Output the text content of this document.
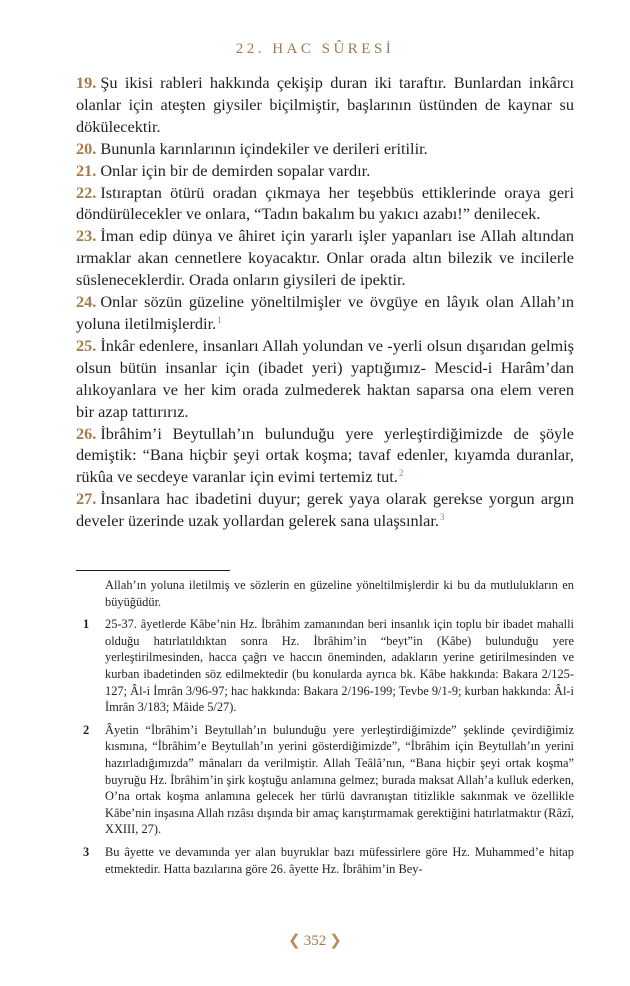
22. HAC SÛRESİ

19. Şu ikisi rableri hakkında çekişip duran iki taraftır. Bunlardan inkârcı olanlar için ateşten giysiler biçilmiştir, başlarının üstünden de kaynar su dökülecektir.

20. Bununla karınlarının içindekiler ve derileri eritilir.

21. Onlar için bir de demirden sopalar vardır.

22. Istıraptan ötürü oradan çıkmaya her teşebbüs ettiklerinde oraya geri döndürülecekler ve onlara, “Tadın bakalım bu yakıcı azabı!” denilecek.

23. İman edip dünya ve âhiret için yararlı işler yapanları ise Allah altından ırmaklar akan cennetlere koyacaktır. Onlar orada altın bilezik ve incilerle süsleneceklerdir. Orada onların giysileri de ipektir.

24. Onlar sözün güzeline yöneltilmişler ve övgüye en lâyık olan Allah’ın yoluna iletilmişlerdir.$^1$

25. İnkâr edenlere, insanları Allah yolundan ve -yerli olsun dışarıdan gelmiş olsun bütün insanlar için (ibadet yeri) yaptığımız- Mescid-i Harâm’dan alıkoyanlara ve her kim orada zulmederek haktan saparsa ona elem veren bir azap tattırırız.

26. İbrâhim’i Beytullah’ın bulunduğu yere yerleştirdiğimizde de şöyle demiştik: “Bana hiçbir şeyi ortak koşma; tavaf edenler, kıyamda duranlar, rükûa ve secdeye varanlar için evimi tertemiz tut.$^2$

27. İnsanlara hac ibadetini duyur; gerek yaya olarak gerekse yorgun argın develer üzerinde uzak yollardan gelerek sana ulaşsınlar.$^3$

Allah’ın yoluna iletilmiş ve sözlerin en güzeline yöneltilmişlerdir ki bu da mutlulukların en büyüğüdür.

1 25-37. âyetlerde Kâbe’nin Hz. İbrâhim zamanından beri insanlık için toplu bir ibadet mahalli olduğu hatırlatıldıktan sonra Hz. İbrâhim’in “beyt”in (Kâbe) bulunduğu yere yerleştirilmesinden, hacca çağrı ve haccın öneminden, adakların yerine getirilmesinden ve kurban ibadetinden söz edilmektedir (bu konularda ayrıca bk. Kâbe hakkında: Bakara 2/125-127; Âl-i İmrân 3/96-97; hac hakkında: Bakara 2/196-199; Tevbe 9/1-9; kurban hakkında: Âl-i İmrân 3/183; Mâide 5/27).

2 Âyetin “İbrâhim’i Beytullah’ın bulunduğu yere yerleştirdiğimizde” şeklinde çevirdiğimiz kısmına, “İbrâhim’e Beytullah’ın yerini gösterdiğimizde”, “İbrâhim için Beytullah’ın yerini hazırladığımızda” mânaları da verilmiştir. Allah Teâlâ’nın, “Bana hiçbir şeyi ortak koşma” buyruğu Hz. İbrâhim’in şirk koştuğu anlamına gelmez; burada maksat Allah’a kulluk ederken, O’na ortak koşma anlamına gelecek her türlü davranıştan titizlikle sakınmak ve özellikle Kâbe’nin inşasına Allah rızâsı dışında bir amaç karıştırmamak gerektiğini hatırlatmaktır (Râzî, XXIII, 27).

3 Bu âyette ve devamında yer alan buyruklar bazı müfessirlere göre Hz. Muhammed’e hitap etmektedir. Hatta bazılarına göre 26. âyette Hz. İbrâhim’in Bey-

❮ 352 ❯
